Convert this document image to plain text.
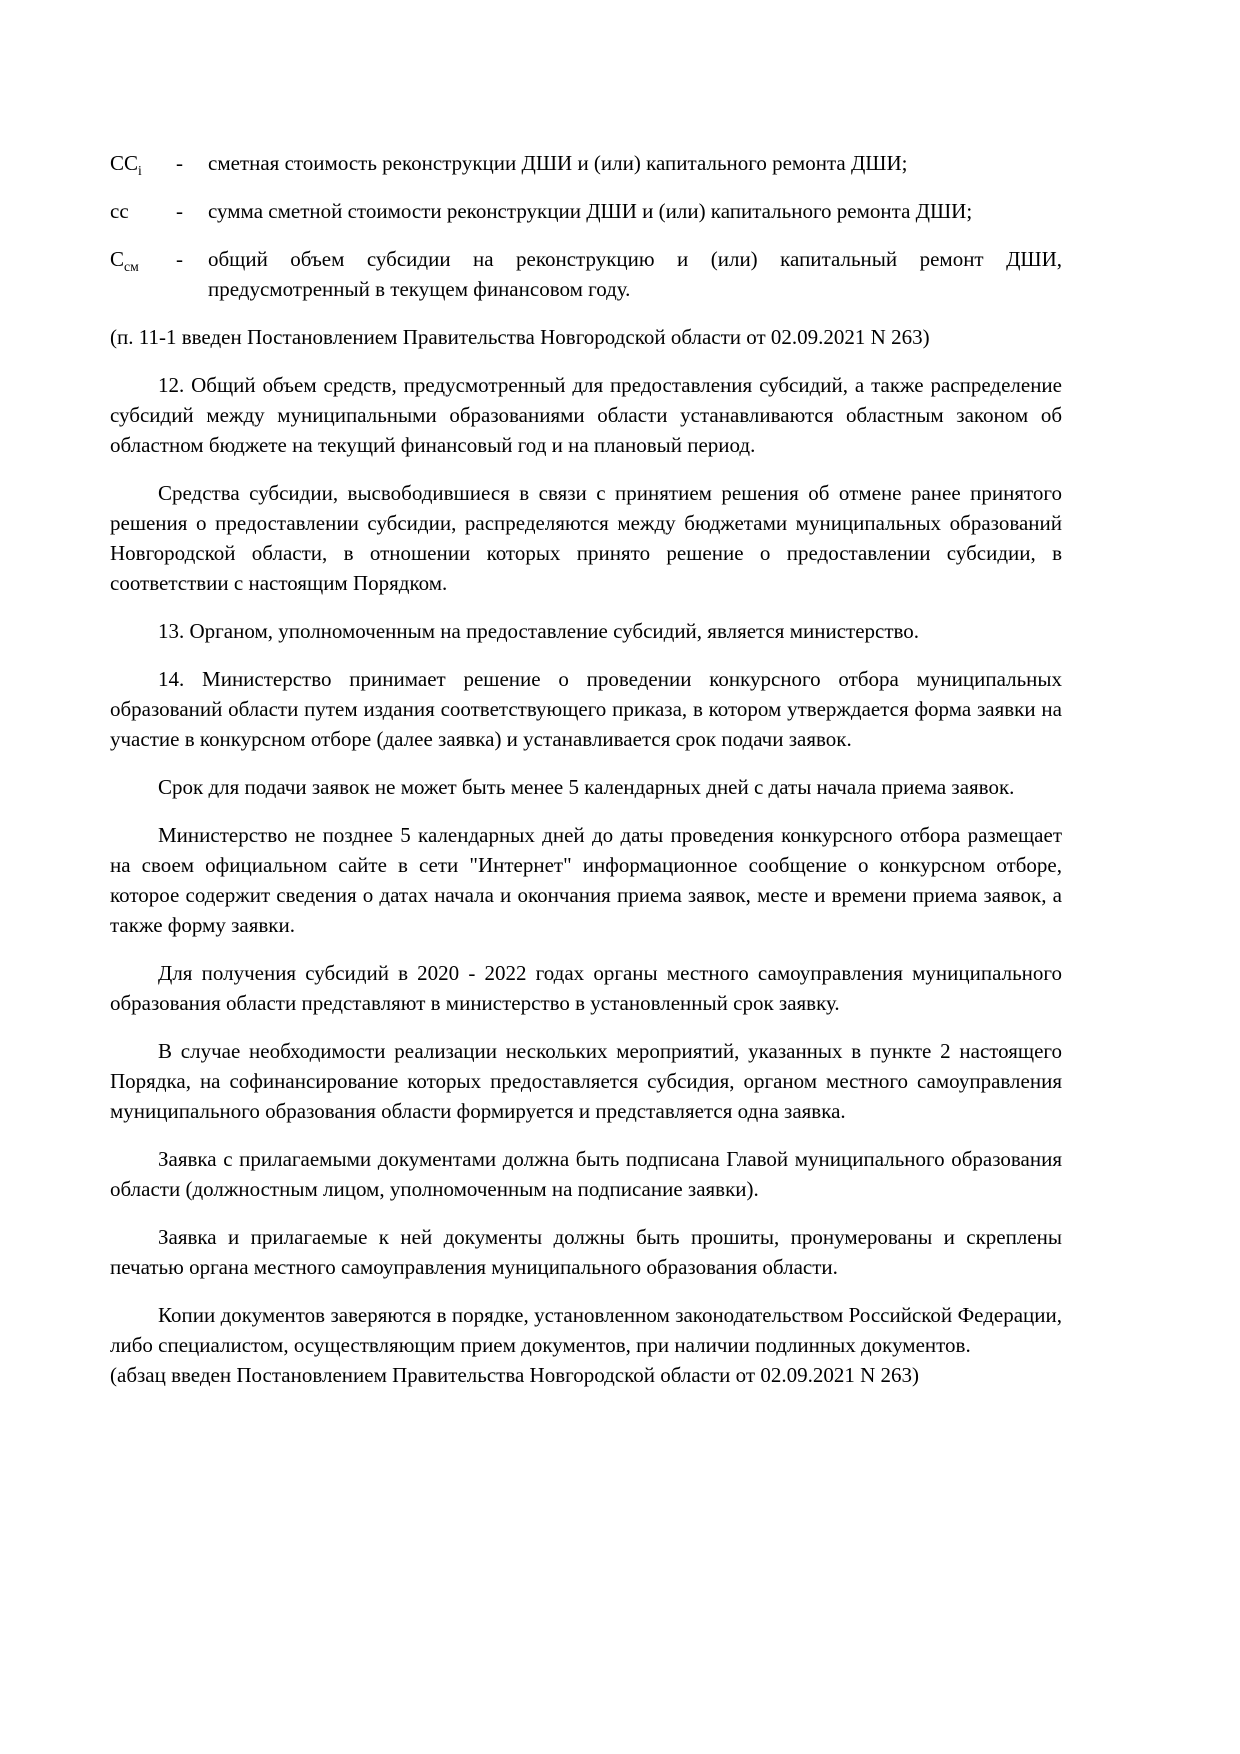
$СС_i$	-	сметная стоимость реконструкции ДШИ и (или) капитального ремонта ДШИ;
сс	-	сумма сметной стоимости реконструкции ДШИ и (или) капитального ремонта ДШИ;
$С_{см}$	-	общий объем субсидии на реконструкцию и (или) капитальный ремонт ДШИ, предусмотренный в текущем финансовом году.

(п. 11-1 введен Постановлением Правительства Новгородской области от 02.09.2021 N 263)

12. Общий объем средств, предусмотренный для предоставления субсидий, а также распределение субсидий между муниципальными образованиями области устанавливаются областным законом об областном бюджете на текущий финансовый год и на плановый период.

Средства субсидии, высвободившиеся в связи с принятием решения об отмене ранее принятого решения о предоставлении субсидии, распределяются между бюджетами муниципальных образований Новгородской области, в отношении которых принято решение о предоставлении субсидии, в соответствии с настоящим Порядком.

13. Органом, уполномоченным на предоставление субсидий, является министерство.

14. Министерство принимает решение о проведении конкурсного отбора муниципальных образований области путем издания соответствующего приказа, в котором утверждается форма заявки на участие в конкурсном отборе (далее заявка) и устанавливается срок подачи заявок.

Срок для подачи заявок не может быть менее 5 календарных дней с даты начала приема заявок.

Министерство не позднее 5 календарных дней до даты проведения конкурсного отбора размещает на своем официальном сайте в сети "Интернет" информационное сообщение о конкурсном отборе, которое содержит сведения о датах начала и окончания приема заявок, месте и времени приема заявок, а также форму заявки.

Для получения субсидий в 2020 - 2022 годах органы местного самоуправления муниципального образования области представляют в министерство в установленный срок заявку.

В случае необходимости реализации нескольких мероприятий, указанных в пункте 2 настоящего Порядка, на софинансирование которых предоставляется субсидия, органом местного самоуправления муниципального образования области формируется и представляется одна заявка.

Заявка с прилагаемыми документами должна быть подписана Главой муниципального образования области (должностным лицом, уполномоченным на подписание заявки).

Заявка и прилагаемые к ней документы должны быть прошиты, пронумерованы и скреплены печатью органа местного самоуправления муниципального образования области.

Копии документов заверяются в порядке, установленном законодательством Российской Федерации, либо специалистом, осуществляющим прием документов, при наличии подлинных документов.

(абзац введен Постановлением Правительства Новгородской области от 02.09.2021 N 263)
